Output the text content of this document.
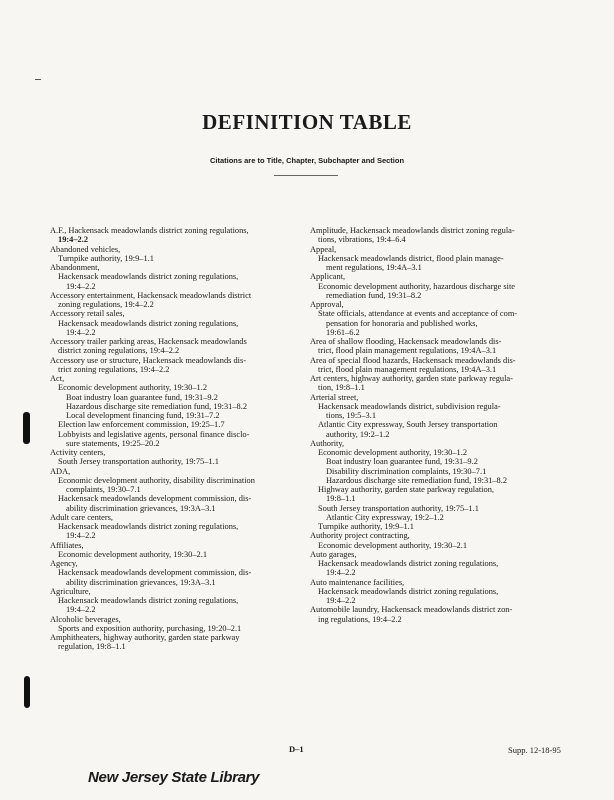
DEFINITION TABLE
Citations are to Title, Chapter, Subchapter and Section
A.F., Hackensack meadowlands district zoning regulations,
19:4–2.2
Abandoned vehicles,
Turnpike authority, 19:9–1.1
Abandonment,
Hackensack meadowlands district zoning regulations,
19:4–2.2
Accessory entertainment, Hackensack meadowlands district
zoning regulations, 19:4–2.2
Accessory retail sales,
Hackensack meadowlands district zoning regulations,
19:4–2.2
Accessory trailer parking areas, Hackensack meadowlands
district zoning regulations, 19:4–2.2
Accessory use or structure, Hackensack meadowlands dis-
trict zoning regulations, 19:4–2.2
Act,
Economic development authority, 19:30–1.2
Boat industry loan guarantee fund, 19:31–9.2
Hazardous discharge site remediation fund, 19:31–8.2
Local development financing fund, 19:31–7.2
Election law enforcement commission, 19:25–1.7
Lobbyists and legislative agents, personal finance disclo-
sure statements, 19:25–20.2
Activity centers,
South Jersey transportation authority, 19:75–1.1
ADA,
Economic development authority, disability discrimination
complaints, 19:30–7.1
Hackensack meadowlands development commission, dis-
ability discrimination grievances, 19:3A–3.1
Adult care centers,
Hackensack meadowlands district zoning regulations,
19:4–2.2
Affiliates,
Economic development authority, 19:30–2.1
Agency,
Hackensack meadowlands development commission, dis-
ability discrimination grievances, 19:3A–3.1
Agriculture,
Hackensack meadowlands district zoning regulations,
19:4–2.2
Alcoholic beverages,
Sports and exposition authority, purchasing, 19:20–2.1
Amphitheaters, highway authority, garden state parkway
regulation, 19:8–1.1
Amplitude, Hackensack meadowlands district zoning regula-
tions, vibrations, 19:4–6.4
Appeal,
Hackensack meadowlands district, flood plain manage-
ment regulations, 19:4A–3.1
Applicant,
Economic development authority, hazardous discharge site
remediation fund, 19:31–8.2
Approval,
State officials, attendance at events and acceptance of com-
pensation for honoraria and published works,
19:61–6.2
Area of shallow flooding, Hackensack meadowlands dis-
trict, flood plain management regulations, 19:4A–3.1
Area of special flood hazards, Hackensack meadowlands dis-
trict, flood plain management regulations, 19:4A–3.1
Art centers, highway authority, garden state parkway regula-
tion, 19:8–1.1
Arterial street,
Hackensack meadowlands district, subdivision regula-
tions, 19:5–3.1
Atlantic City expressway, South Jersey transportation
authority, 19:2–1.2
Authority,
Economic development authority, 19:30–1.2
Boat industry loan guarantee fund, 19:31–9.2
Disability discrimination complaints, 19:30–7.1
Hazardous discharge site remediation fund, 19:31–8.2
Highway authority, garden state parkway regulation,
19:8–1.1
South Jersey transportation authority, 19:75–1.1
Atlantic City expressway, 19:2–1.2
Turnpike authority, 19:9–1.1
Authority project contracting,
Economic development authority, 19:30–2.1
Auto garages,
Hackensack meadowlands district zoning regulations,
19:4–2.2
Auto maintenance facilities,
Hackensack meadowlands district zoning regulations,
19:4–2.2
Automobile laundry, Hackensack meadowlands district zon-
ing regulations, 19:4–2.2
D–1	Supp. 12-18-95
New Jersey State Library
